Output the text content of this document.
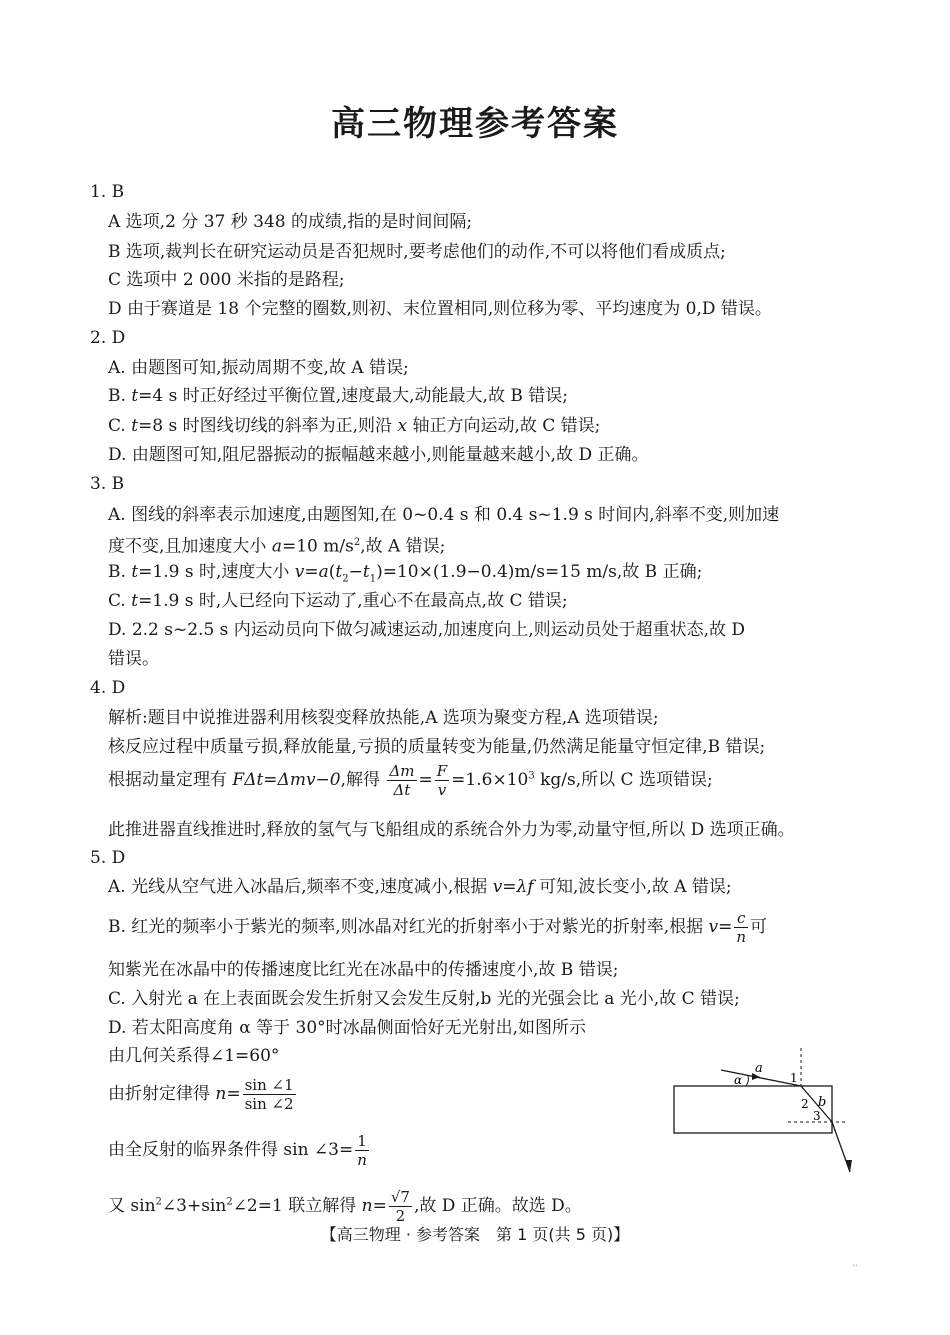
高三物理参考答案
1. B
A 选项,2 分 37 秒 348 的成绩,指的是时间间隔;
B 选项,裁判长在研究运动员是否犯规时,要考虑他们的动作,不可以将他们看成质点;
C 选项中 2 000 米指的是路程;
D 由于赛道是 18 个完整的圈数,则初、末位置相同,则位移为零、平均速度为 0,D 错误。
2. D
A. 由题图可知,振动周期不变,故 A 错误;
B. t=4 s 时正好经过平衡位置,速度最大,动能最大,故 B 错误;
C. t=8 s 时图线切线的斜率为正,则沿 x 轴正方向运动,故 C 错误;
D. 由题图可知,阻尼器振动的振幅越来越小,则能量越来越小,故 D 正确。
3. B
A. 图线的斜率表示加速度,由题图知,在 0~0.4 s 和 0.4 s~1.9 s 时间内,斜率不变,则加速
度不变,且加速度大小 a=10 $m/s^2$,故 A 错误;
B. t=1.9 s 时,速度大小 $v=a(t_2-t_1)=10\times(1.9-0.4)m/s=15$ m/s,故 B 正确;
C. t=1.9 s 时,人已经向下运动了,重心不在最高点,故 C 错误;
D. 2.2 s~2.5 s 内运动员向下做匀减速运动,加速度向上,则运动员处于超重状态,故 D
错误。
4. D
解析:题目中说推进器利用核裂变释放热能,A 选项为聚变方程,A 选项错误;
核反应过程中质量亏损,释放能量,亏损的质量转变为能量,仍然满足能量守恒定律,B 错误;
根据动量定理有 FΔt=Δmv−0,解得 $\frac{\Delta m}{\Delta t} = \frac{F}{v} =1.6\times 10^3$ kg/s,所以 C 选项错误;
此推进器直线推进时,释放的氢气与飞船组成的系统合外力为零,动量守恒,所以 D 选项正确。
5. D
A. 光线从空气进入冰晶后,频率不变,速度减小,根据 v=λf 可知,波长变小,故 A 错误;
B. 红光的频率小于紫光的频率,则冰晶对红光的折射率小于对紫光的折射率,根据 $v= \frac{c}{n}$ 可
知紫光在冰晶中的传播速度比红光在冰晶中的传播速度小,故 B 错误;
C. 入射光 a 在上表面既会发生折射又会发生反射,b 光的光强会比 a 光小,故 C 错误;
D. 若太阳高度角 α 等于 30°时冰晶侧面恰好无光射出,如图所示
由几何关系得∠1=60°
由折射定律得 $n= \frac{\sin \angle 1}{\sin \angle 2}$
由全反射的临界条件得 sin ∠3= $\frac{1}{n}$
又 $\sin^2\angle 3+\sin^2\angle 2=1$ 联立解得 $n= \frac{√7}{2}$ ,故 D 正确。故选 D。
a
α	1
2
3
b
【高三物理 · 参考答案　第 1 页(共 5 页)】
..
